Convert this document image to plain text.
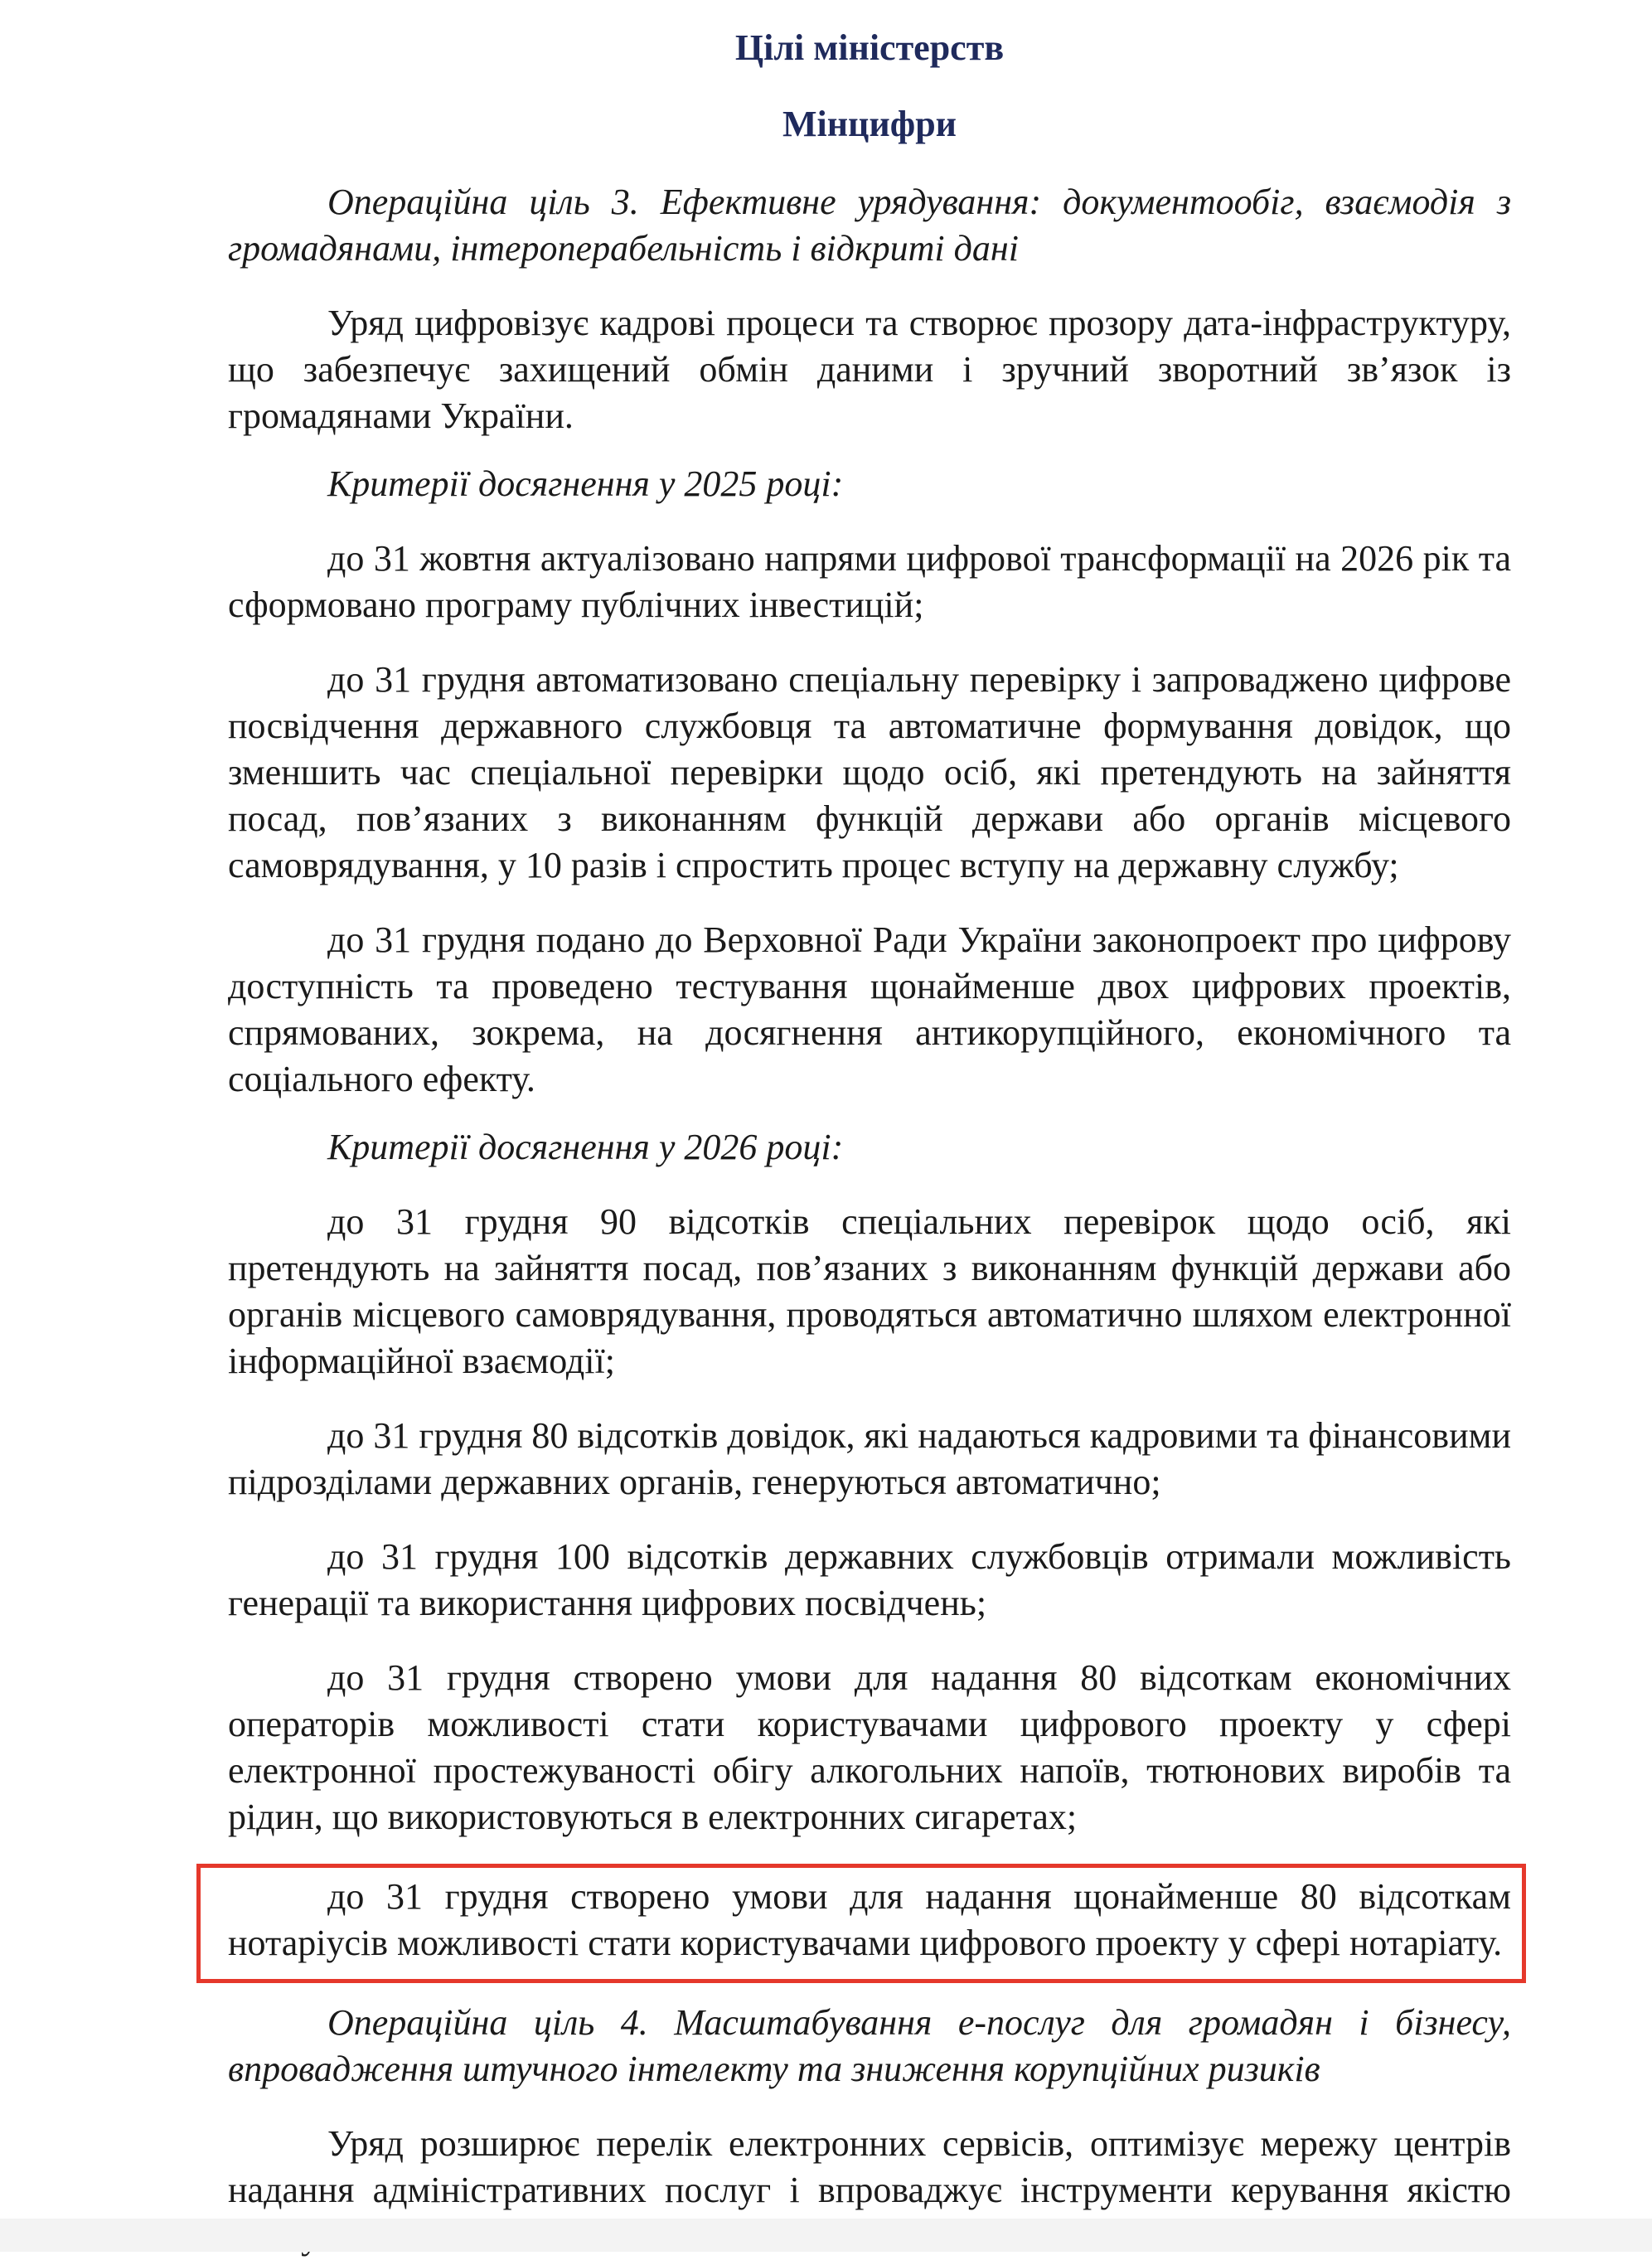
Цілі міністерств
Мінцифри

Операційна ціль 3. Ефективне урядування: документообіг, взаємодія з громадянами, інтероперабельність і відкриті дані

Уряд цифровізує кадрові процеси та створює прозору дата-інфраструктуру, що забезпечує захищений обмін даними і зручний зворотний зв’язок із громадянами України.

Критерії досягнення у 2025 році:

до 31 жовтня актуалізовано напрями цифрової трансформації на 2026 рік та сформовано програму публічних інвестицій;

до 31 грудня автоматизовано спеціальну перевірку і запроваджено цифрове посвідчення державного службовця та автоматичне формування довідок, що зменшить час спеціальної перевірки щодо осіб, які претендують на зайняття посад, пов’язаних з виконанням функцій держави або органів місцевого самоврядування, у 10 разів і спростить процес вступу на державну службу;

до 31 грудня подано до Верховної Ради України законопроект про цифрову доступність та проведено тестування щонайменше двох цифрових проектів, спрямованих, зокрема, на досягнення антикорупційного, економічного та соціального ефекту.

Критерії досягнення у 2026 році:

до 31 грудня 90 відсотків спеціальних перевірок щодо осіб, які претендують на зайняття посад, пов’язаних з виконанням функцій держави або органів місцевого самоврядування, проводяться автоматично шляхом електронної інформаційної взаємодії;

до 31 грудня 80 відсотків довідок, які надаються кадровими та фінансовими підрозділами державних органів, генеруються автоматично;

до 31 грудня 100 відсотків державних службовців отримали можливість генерації та використання цифрових посвідчень;

до 31 грудня створено умови для надання 80 відсоткам економічних операторів можливості стати користувачами цифрового проекту у сфері електронної простежуваності обігу алкогольних напоїв, тютюнових виробів та рідин, що використовуються в електронних сигаретах;

до 31 грудня створено умови для надання щонайменше 80 відсоткам нотаріусів можливості стати користувачами цифрового проекту у сфері нотаріату.

Операційна ціль 4. Масштабування е-послуг для громадян і бізнесу, впровадження штучного інтелекту та зниження корупційних ризиків

Уряд розширює перелік електронних сервісів, оптимізує мережу центрів надання адміністративних послуг і впроваджує інструменти керування якістю
